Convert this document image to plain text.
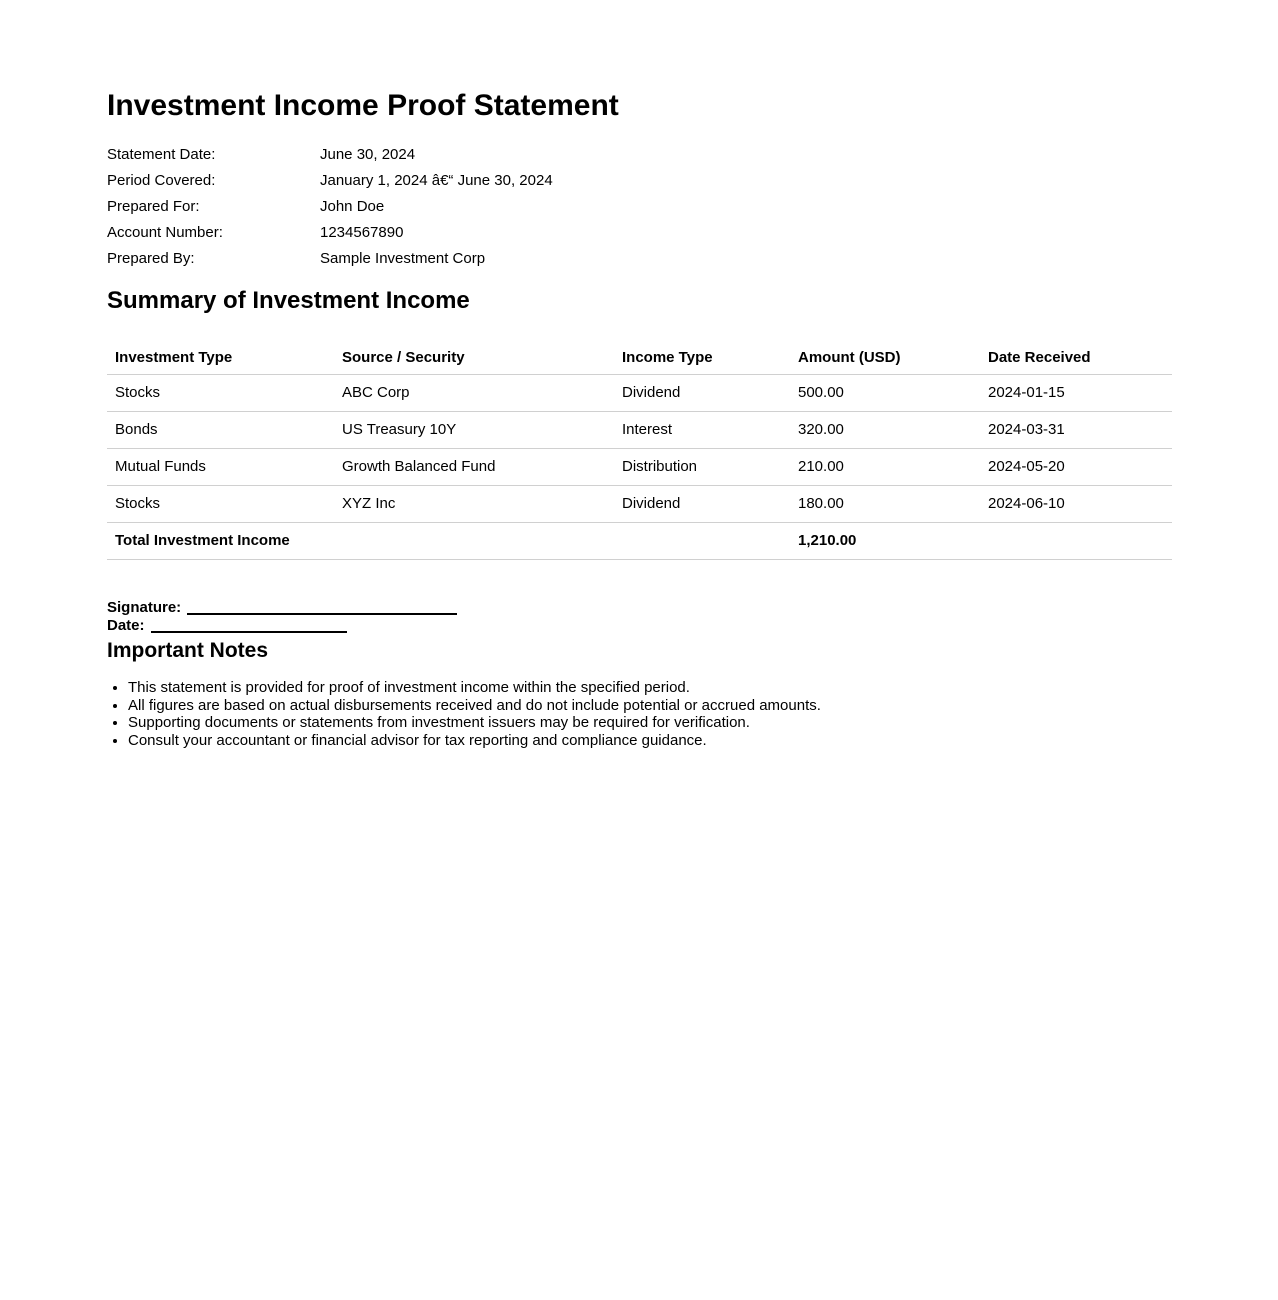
Investment Income Proof Statement
Statement Date:	June 30, 2024
Period Covered:	January 1, 2024 â€“ June 30, 2024
Prepared For:	John Doe
Account Number:	1234567890
Prepared By:	Sample Investment Corp
Summary of Investment Income
Investment Type	Source / Security	Income Type	Amount (USD)	Date Received
Stocks	ABC Corp	Dividend	500.00	2024-01-15
Bonds	US Treasury 10Y	Interest	320.00	2024-03-31
Mutual Funds	Growth Balanced Fund	Distribution	210.00	2024-05-20
Stocks	XYZ Inc	Dividend	180.00	2024-06-10
Total Investment Income			1,210.00	
Signature:
Date:
Important Notes
• This statement is provided for proof of investment income within the specified period.
• All figures are based on actual disbursements received and do not include potential or accrued amounts.
• Supporting documents or statements from investment issuers may be required for verification.
• Consult your accountant or financial advisor for tax reporting and compliance guidance.
